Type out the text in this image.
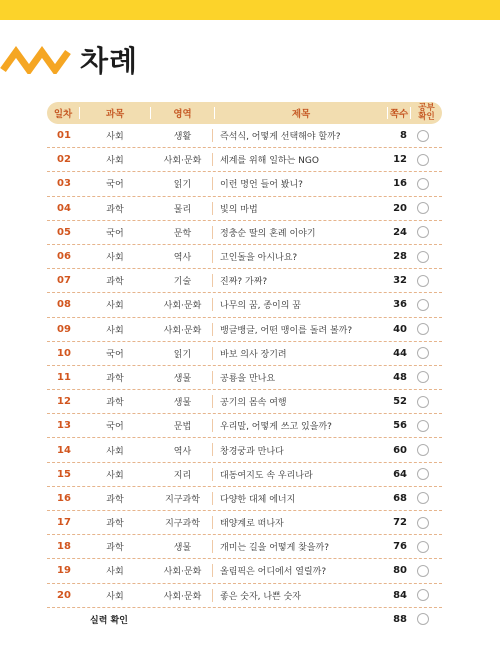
차례
일차	과목	영역	제목	쪽수
공부
확인
01	사회	생활	즉석식, 어떻게 선택해야 할까?	8
02	사회	사회·문화	세계를 위해 일하는 NGO	12
03	국어	읽기	이런 명언 들어 봤니?	16
04	과학	물리	빛의 마법	20
05	국어	문학	정충순 딸의 혼례 이야기	24
06	사회	역사	고인돌을 아시나요?	28
07	과학	기술	진짜? 가짜?	32
08	사회	사회·문화	나무의 꿈, 종이의 꿈	36
09	사회	사회·문화	뱅글뱅글, 어떤 맹이를 돌려 볼까?	40
10	국어	읽기	바보 의사 장기려	44
11	과학	생물	공룡을 만나요	48
12	과학	생물	공기의 몸속 여행	52
13	국어	문법	우리말, 어떻게 쓰고 있을까?	56
14	사회	역사	창경궁과 만나다	60
15	사회	지리	대동여지도 속 우리나라	64
16	과학	지구과학	다양한 대체 에너지	68
17	과학	지구과학	태양계로 떠나자	72
18	과학	생물	개미는 길을 어떻게 찾을까?	76
19	사회	사회·문화	올림픽은 어디에서 열릴까?	80
20	사회	사회·문화	좋은 숫자, 나쁜 숫자	84
실력 확인	88
